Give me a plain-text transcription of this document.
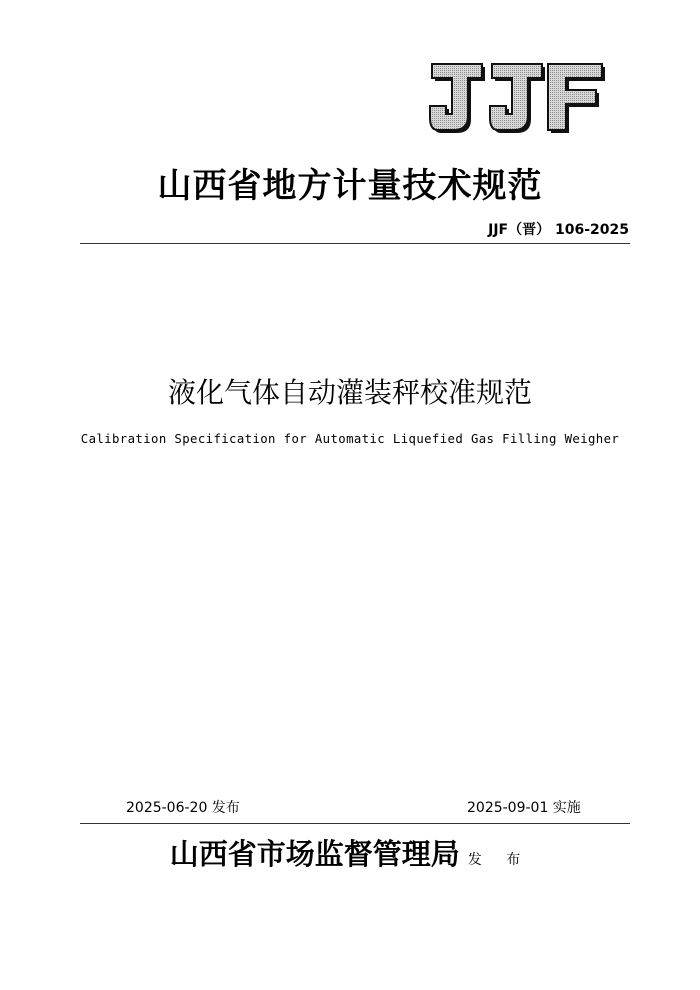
山西省地方计量技术规范
JJF（晋） 106-2025
液化气体自动灌装秤校准规范
Calibration Specification for Automatic Liquefied Gas Filling Weigher
2025-06-20 发布	2025-09-01 实施
山西省市场监督管理局 发 布
